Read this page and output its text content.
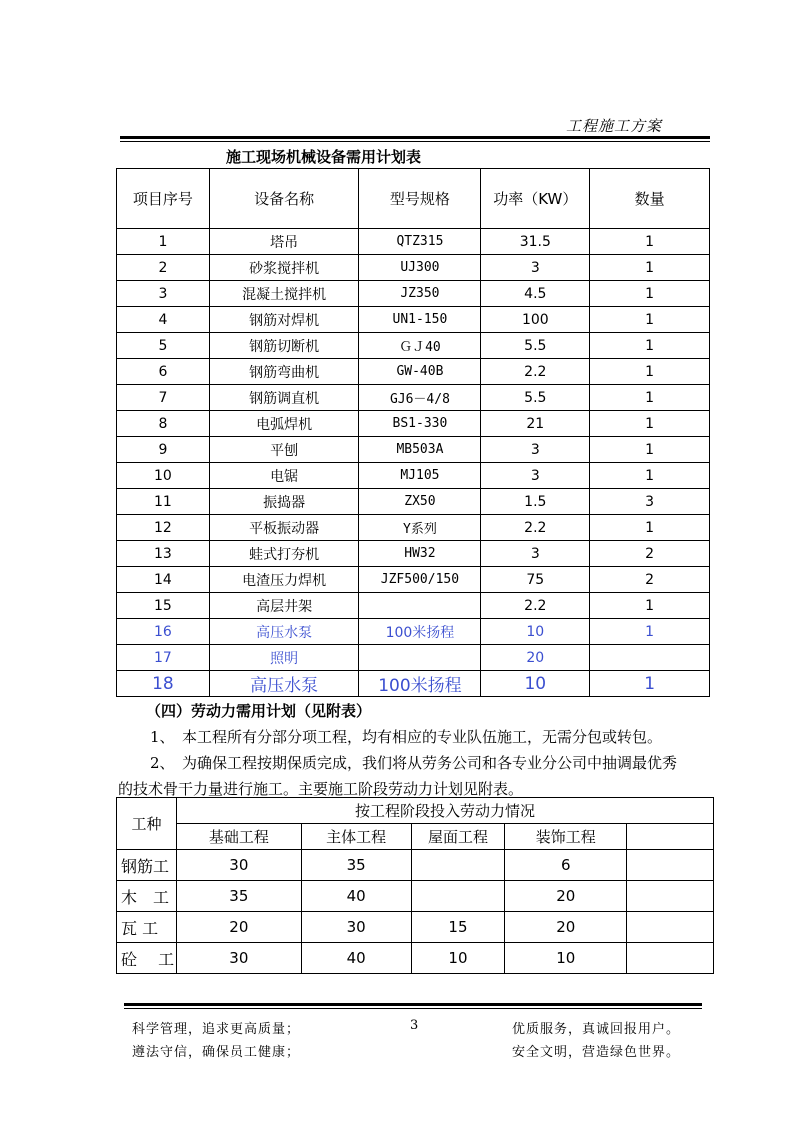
工程施工方案
施工现场机械设备需用计划表
项目序号	设备名称	型号规格	功率（KW）	数量
1	塔吊	QTZ315	31.5	1
2	砂浆搅拌机	UJ300	3	1
3	混凝土搅拌机	JZ350	4.5	1
4	钢筋对焊机	UN1-150	100	1
5	钢筋切断机	ＧＪ40	5.5	1
6	钢筋弯曲机	GW-40B	2.2	1
7	钢筋调直机	GJ6－4/8	5.5	1
8	电弧焊机	BS1-330	21	1
9	平刨	MB503A	3	1
10	电锯	MJ105	3	1
11	振捣器	ZX50	1.5	3
12	平板振动器	Y系列	2.2	1
13	蛙式打夯机	HW32	3	2
14	电渣压力焊机	JZF500/150	75	2
15	高层井架		2.2	1
16	高压水泵	100米扬程	10	1
17	照明		20	
18	高压水泵	100米扬程	10	1
（四）劳动力需用计划（见附表）
1、　本工程所有分部分项工程，均有相应的专业队伍施工，无需分包或转包。
2、　为确保工程按期保质完成，我们将从劳务公司和各专业分公司中抽调最优秀
的技术骨干力量进行施工。主要施工阶段劳动力计划见附表。
工种	按工程阶段投入劳动力情况				
	基础工程	主体工程	屋面工程	装饰工程	
钢筋工	30	35		6	
木　工	35	40		20	
瓦 工	20	30	15	20	
砼　 工	30	40	10	10	
科学管理，追求更高质量；
遵法守信，确保员工健康；
3	优质服务，真诚回报用户。
安全文明，营造绿色世界。
